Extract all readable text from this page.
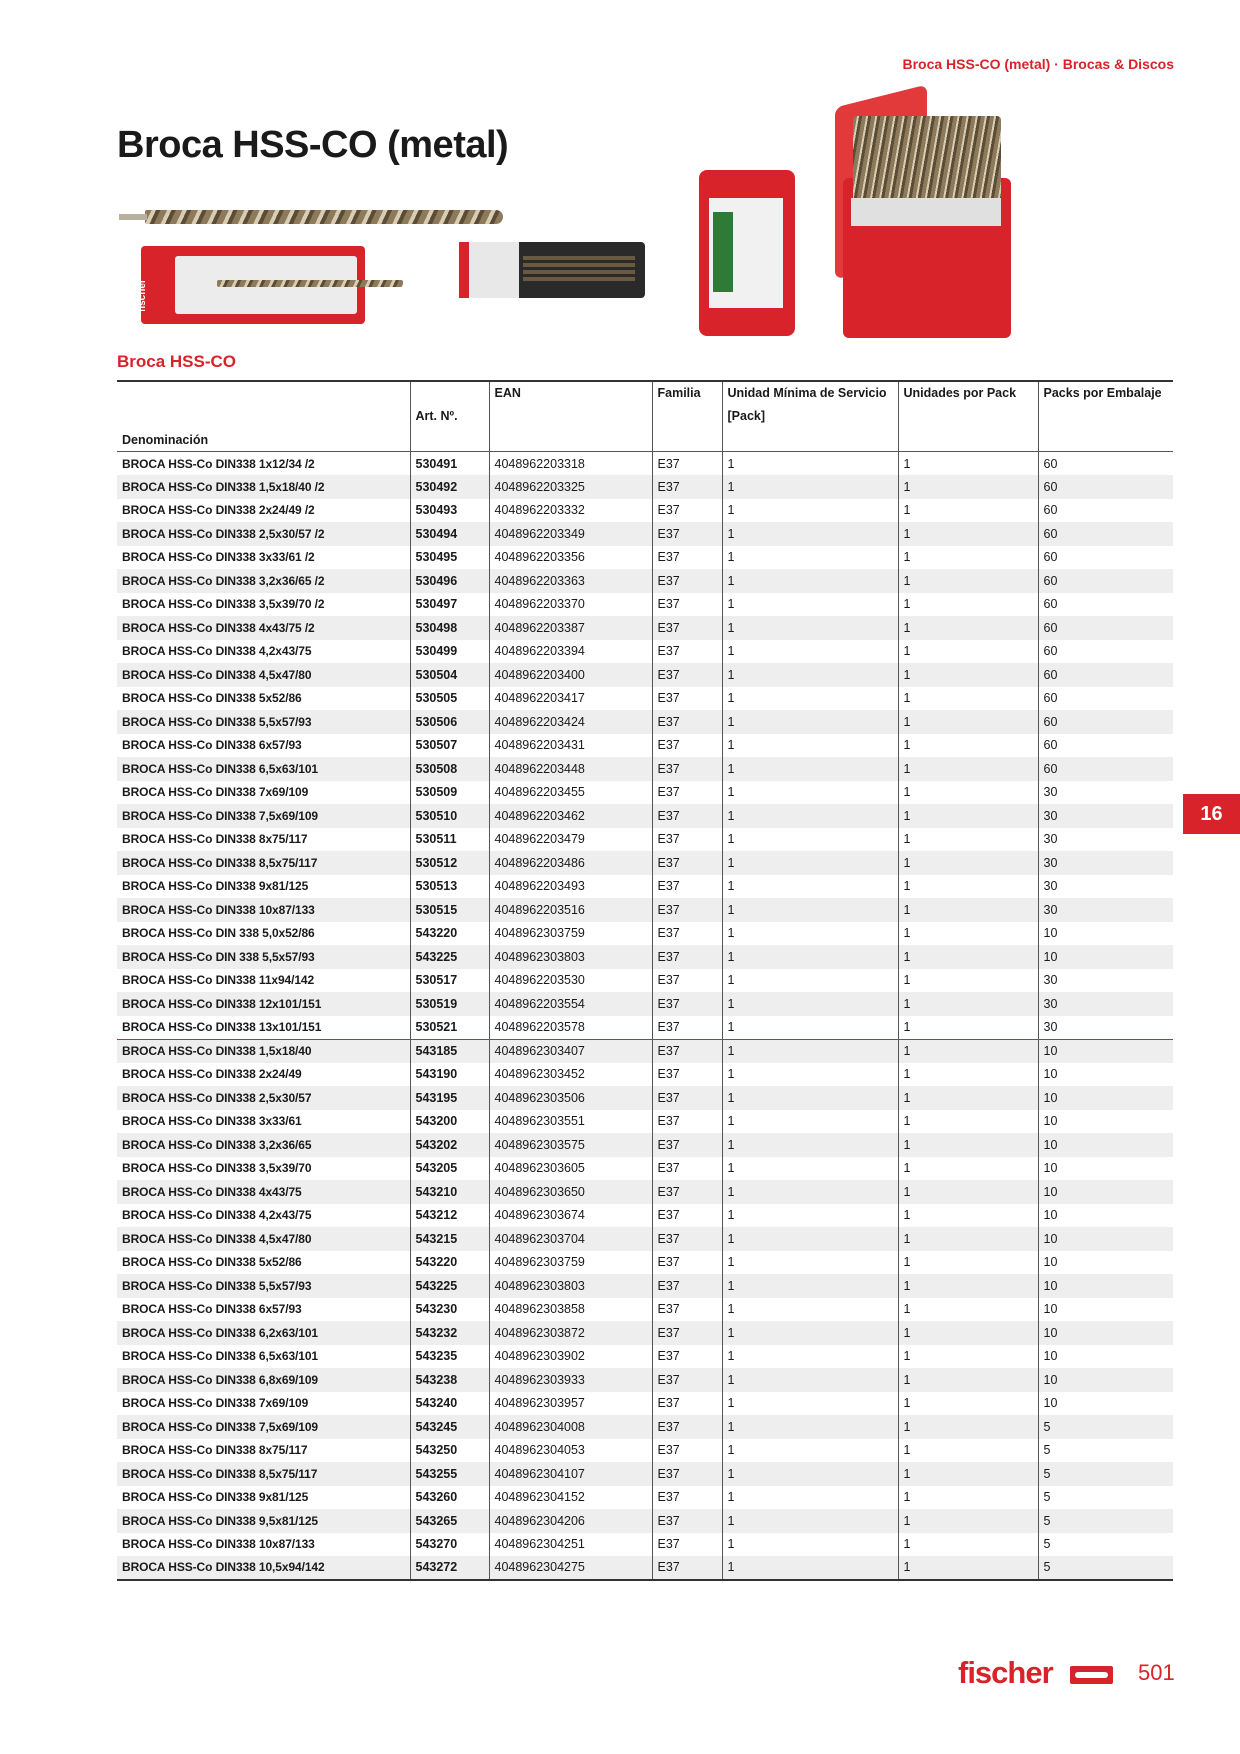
Broca HSS-CO (metal) · Brocas & Discos
Broca HSS-CO (metal)
fischer
Broca HSS-CO
16
		EAN	Familia	Unidad Mínima de Servicio	Unidades por Pack	Packs por Embalaje
	Art. Nº.			[Pack]		
Denominación						
BROCA HSS-Co DIN338 1x12/34 /2	530491	4048962203318	E37	1	1	60
BROCA HSS-Co DIN338 1,5x18/40 /2	530492	4048962203325	E37	1	1	60
BROCA HSS-Co DIN338 2x24/49 /2	530493	4048962203332	E37	1	1	60
BROCA HSS-Co DIN338 2,5x30/57 /2	530494	4048962203349	E37	1	1	60
BROCA HSS-Co DIN338 3x33/61 /2	530495	4048962203356	E37	1	1	60
BROCA HSS-Co DIN338 3,2x36/65 /2	530496	4048962203363	E37	1	1	60
BROCA HSS-Co DIN338 3,5x39/70 /2	530497	4048962203370	E37	1	1	60
BROCA HSS-Co DIN338 4x43/75 /2	530498	4048962203387	E37	1	1	60
BROCA HSS-Co DIN338 4,2x43/75	530499	4048962203394	E37	1	1	60
BROCA HSS-Co DIN338 4,5x47/80	530504	4048962203400	E37	1	1	60
BROCA HSS-Co DIN338 5x52/86	530505	4048962203417	E37	1	1	60
BROCA HSS-Co DIN338 5,5x57/93	530506	4048962203424	E37	1	1	60
BROCA HSS-Co DIN338 6x57/93	530507	4048962203431	E37	1	1	60
BROCA HSS-Co DIN338 6,5x63/101	530508	4048962203448	E37	1	1	60
BROCA HSS-Co DIN338 7x69/109	530509	4048962203455	E37	1	1	30
BROCA HSS-Co DIN338 7,5x69/109	530510	4048962203462	E37	1	1	30
BROCA HSS-Co DIN338 8x75/117	530511	4048962203479	E37	1	1	30
BROCA HSS-Co DIN338 8,5x75/117	530512	4048962203486	E37	1	1	30
BROCA HSS-Co DIN338 9x81/125	530513	4048962203493	E37	1	1	30
BROCA HSS-Co DIN338 10x87/133	530515	4048962203516	E37	1	1	30
BROCA HSS-Co DIN 338 5,0x52/86	543220	4048962303759	E37	1	1	10
BROCA HSS-Co DIN 338 5,5x57/93	543225	4048962303803	E37	1	1	10
BROCA HSS-Co DIN338 11x94/142	530517	4048962203530	E37	1	1	30
BROCA HSS-Co DIN338 12x101/151	530519	4048962203554	E37	1	1	30
BROCA HSS-Co DIN338 13x101/151	530521	4048962203578	E37	1	1	30
BROCA HSS-Co DIN338 1,5x18/40	543185	4048962303407	E37	1	1	10
BROCA HSS-Co DIN338 2x24/49	543190	4048962303452	E37	1	1	10
BROCA HSS-Co DIN338 2,5x30/57	543195	4048962303506	E37	1	1	10
BROCA HSS-Co DIN338 3x33/61	543200	4048962303551	E37	1	1	10
BROCA HSS-Co DIN338 3,2x36/65	543202	4048962303575	E37	1	1	10
BROCA HSS-Co DIN338 3,5x39/70	543205	4048962303605	E37	1	1	10
BROCA HSS-Co DIN338 4x43/75	543210	4048962303650	E37	1	1	10
BROCA HSS-Co DIN338 4,2x43/75	543212	4048962303674	E37	1	1	10
BROCA HSS-Co DIN338 4,5x47/80	543215	4048962303704	E37	1	1	10
BROCA HSS-Co DIN338 5x52/86	543220	4048962303759	E37	1	1	10
BROCA HSS-Co DIN338 5,5x57/93	543225	4048962303803	E37	1	1	10
BROCA HSS-Co DIN338 6x57/93	543230	4048962303858	E37	1	1	10
BROCA HSS-Co DIN338 6,2x63/101	543232	4048962303872	E37	1	1	10
BROCA HSS-Co DIN338 6,5x63/101	543235	4048962303902	E37	1	1	10
BROCA HSS-Co DIN338 6,8x69/109	543238	4048962303933	E37	1	1	10
BROCA HSS-Co DIN338 7x69/109	543240	4048962303957	E37	1	1	10
BROCA HSS-Co DIN338 7,5x69/109	543245	4048962304008	E37	1	1	5
BROCA HSS-Co DIN338 8x75/117	543250	4048962304053	E37	1	1	5
BROCA HSS-Co DIN338 8,5x75/117	543255	4048962304107	E37	1	1	5
BROCA HSS-Co DIN338 9x81/125	543260	4048962304152	E37	1	1	5
BROCA HSS-Co DIN338 9,5x81/125	543265	4048962304206	E37	1	1	5
BROCA HSS-Co DIN338 10x87/133	543270	4048962304251	E37	1	1	5
BROCA HSS-Co DIN338 10,5x94/142	543272	4048962304275	E37	1	1	5
fischer	501
